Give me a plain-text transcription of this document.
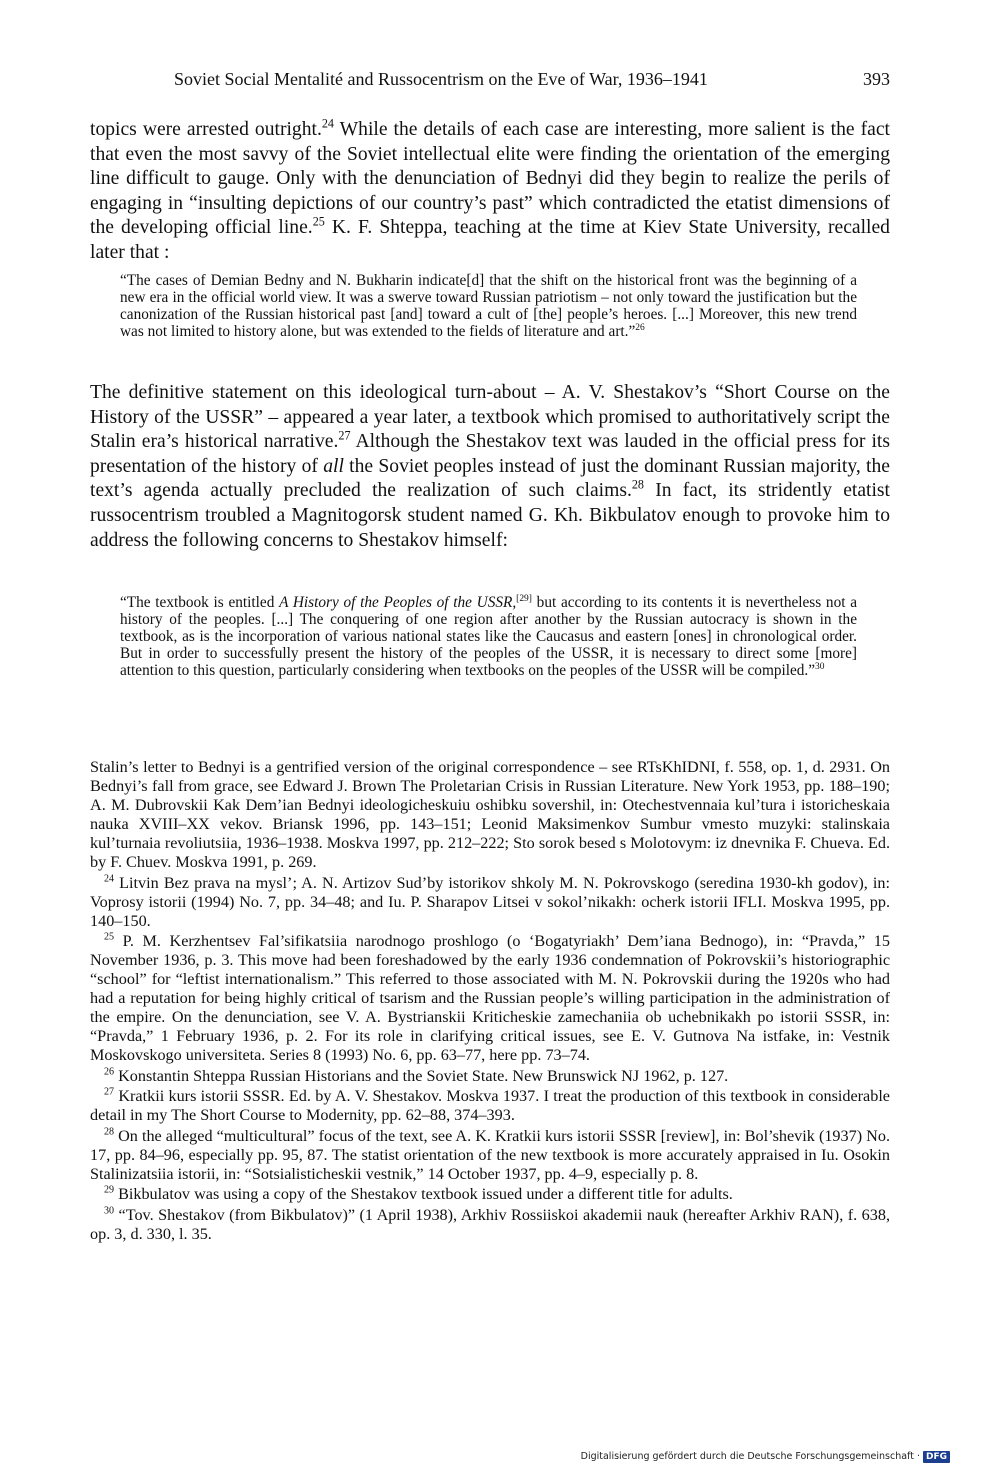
Soviet Social Mentalité and Russocentrism on the Eve of War, 1936–1941	393

topics were arrested outright.$^{24}$ While the details of each case are interesting, more salient is the fact that even the most savvy of the Soviet intellectual elite were finding the orientation of the emerging line difficult to gauge. Only with the denunciation of Bednyi did they begin to realize the perils of engaging in “insulting depictions of our country’s past” which contradicted the etatist dimensions of the developing official line.$^{25}$ K. F. Shteppa, teaching at the time at Kiev State University, recalled later that :

“The cases of Demian Bedny and N. Bukharin indicate[d] that the shift on the historical front was the beginning of a new era in the official world view. It was a swerve toward Russian patriotism – not only toward the justification but the canonization of the Russian historical past [and] toward a cult of [the] people’s heroes. [...] Moreover, this new trend was not limited to history alone, but was extended to the fields of literature and art.”$^{26}$

The definitive statement on this ideological turn-about – A. V. Shestakov’s “Short Course on the History of the USSR” – appeared a year later, a textbook which promised to authoritatively script the Stalin era’s historical narrative.$^{27}$ Although the Shestakov text was lauded in the official press for its presentation of the history of all the Soviet peoples instead of just the dominant Russian majority, the text’s agenda actually precluded the realization of such claims.$^{28}$ In fact, its stridently etatist russocentrism troubled a Magnitogorsk student named G. Kh. Bikbulatov enough to provoke him to address the following concerns to Shestakov himself:

“The textbook is entitled A History of the Peoples of the USSR,[29] but according to its contents it is nevertheless not a history of the peoples. [...] The conquering of one region after another by the Russian autocracy is shown in the textbook, as is the incorporation of various national states like the Caucasus and eastern [ones] in chronological order. But in order to successfully present the history of the peoples of the USSR, it is necessary to direct some [more] attention to this question, particularly considering when textbooks on the peoples of the USSR will be compiled.”$^{30}$

Stalin’s letter to Bednyi is a gentrified version of the original correspondence – see RTsKhIDNI, f. 558, op. 1, d. 2931. On Bednyi’s fall from grace, see Edward J. Brown The Proletarian Crisis in Russian Literature. New York 1953, pp. 188–190; A. M. Dubrovskii Kak Dem’ian Bednyi ideologicheskuiu oshibku sovershil, in: Otechestvennaia kul’tura i istoricheskaia nauka XVIII–XX vekov. Briansk 1996, pp. 143–151; Leonid Maksimenkov Sumbur vmesto muzyki: stalinskaia kul’turnaia revoliutsiia, 1936–1938. Moskva 1997, pp. 212–222; Sto sorok besed s Molotovym: iz dnevnika F. Chueva. Ed. by F. Chuev. Moskva 1991, p. 269.

$^{24}$ Litvin Bez prava na mysl’; A. N. Artizov Sud’by istorikov shkoly M. N. Pokrovskogo (seredina 1930-kh godov), in: Voprosy istorii (1994) No. 7, pp. 34–48; and Iu. P. Sharapov Litsei v sokol’nikakh: ocherk istorii IFLI. Moskva 1995, pp. 140–150.

$^{25}$ P. M. Kerzhentsev Fal’sifikatsiia narodnogo proshlogo (o ‘Bogatyriakh’ Dem’iana Bednogo), in: “Pravda,” 15 November 1936, p. 3. This move had been foreshadowed by the early 1936 condemnation of Pokrovskii’s historiographic “school” for “leftist internationalism.” This referred to those associated with M. N. Pokrovskii during the 1920s who had had a reputation for being highly critical of tsarism and the Russian people’s willing participation in the administration of the empire. On the denunciation, see V. A. Bystrianskii Kriticheskie zamechaniia ob uchebnikakh po istorii SSSR, in: “Pravda,” 1 February 1936, p. 2. For its role in clarifying critical issues, see E. V. Gutnova Na istfake, in: Vestnik Moskovskogo universiteta. Series 8 (1993) No. 6, pp. 63–77, here pp. 73–74.

$^{26}$ Konstantin Shteppa Russian Historians and the Soviet State. New Brunswick NJ 1962, p. 127.

$^{27}$ Kratkii kurs istorii SSSR. Ed. by A. V. Shestakov. Moskva 1937. I treat the production of this textbook in considerable detail in my The Short Course to Modernity, pp. 62–88, 374–393.

$^{28}$ On the alleged “multicultural” focus of the text, see A. K. Kratkii kurs istorii SSSR [review], in: Bol’shevik (1937) No. 17, pp. 84–96, especially pp. 95, 87. The statist orientation of the new textbook is more accurately appraised in Iu. Osokin Stalinizatsiia istorii, in: “Sotsialisticheskii vestnik,” 14 October 1937, pp. 4–9, especially p. 8.

$^{29}$ Bikbulatov was using a copy of the Shestakov textbook issued under a different title for adults.

$^{30}$ “Tov. Shestakov (from Bikbulatov)” (1 April 1938), Arkhiv Rossiiskoi akademii nauk (hereafter Arkhiv RAN), f. 638, op. 3, d. 330, l. 35.

Digitalisierung gefördert durch die Deutsche Forschungsgemeinschaft · DFG
